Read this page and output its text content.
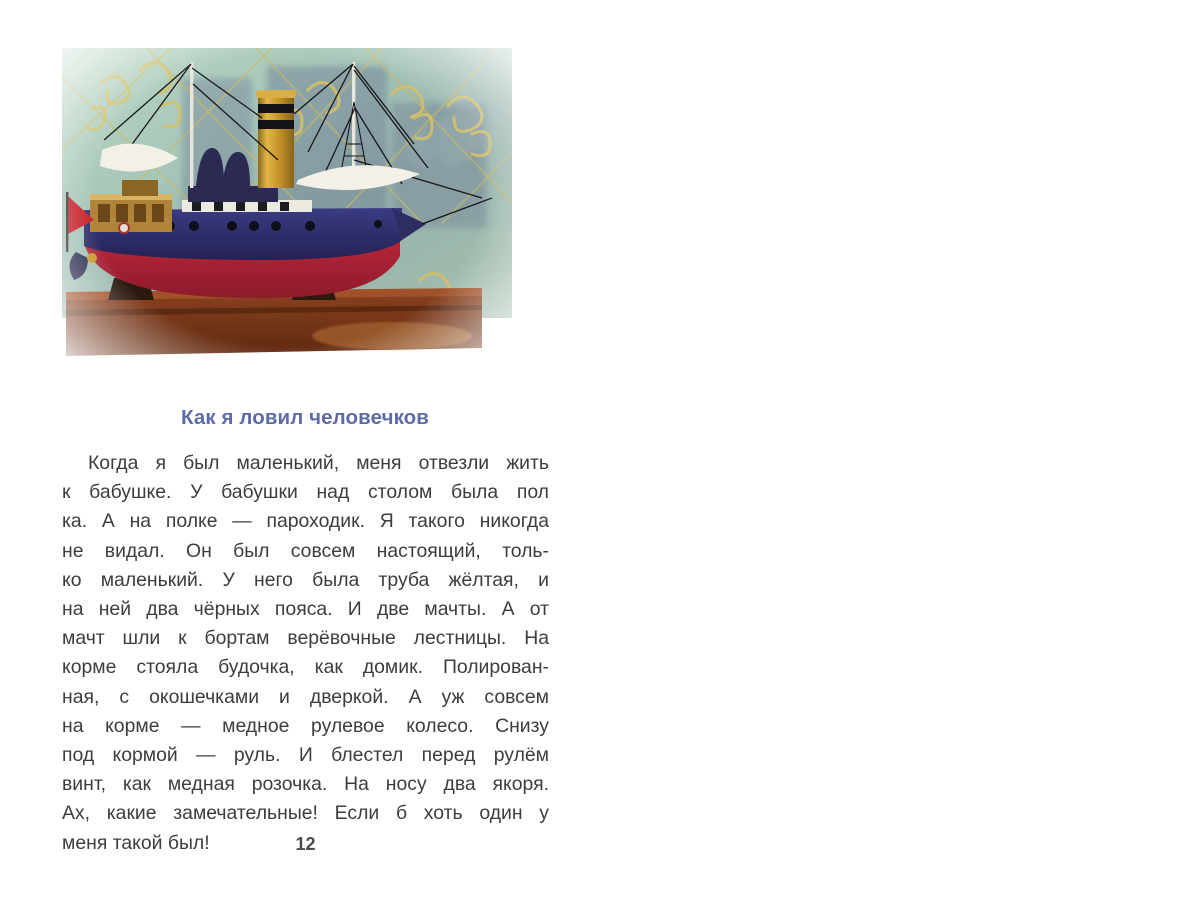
Как я ловил человечков

Когда я был маленький, меня отвезли жить
к бабушке. У бабушки над столом была пол
ка. А на полке — пароходик. Я такого никогда
не видал. Он был совсем настоящий, толь-
ко маленький. У него была труба жёлтая, и
на ней два чёрных пояса. И две мачты. А от
мачт шли к бортам верёвочные лестницы. На
корме стояла будочка, как домик. Полирован-
ная, с окошечками и дверкой. А уж совсем
на корме — медное рулевое колесо. Снизу
под кормой — руль. И блестел перед рулём
винт, как медная розочка. На носу два якоря.
Ах, какие замечательные! Если б хоть один у
меня такой был!	12
